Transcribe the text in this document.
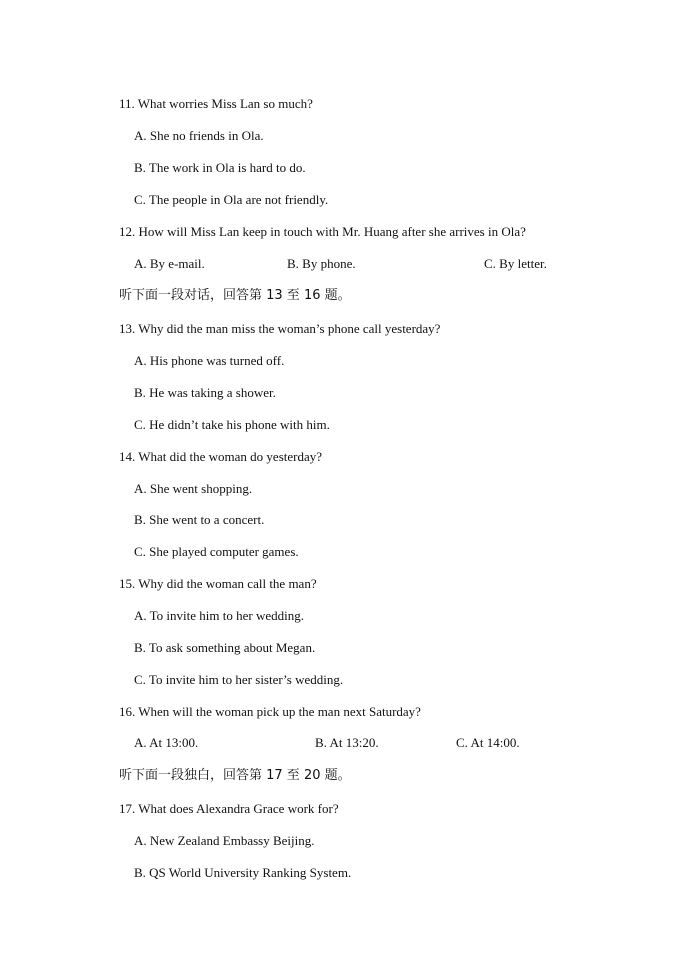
11. What worries Miss Lan so much?
A. She no friends in Ola.
B. The work in Ola is hard to do.
C. The people in Ola are not friendly.
12. How will Miss Lan keep in touch with Mr. Huang after she arrives in Ola?
A. By e-mail.	B. By phone.	C. By letter.
听下面一段对话，回答第 13 至 16 题。
13. Why did the man miss the woman’s phone call yesterday?
A. His phone was turned off.
B. He was taking a shower.
C. He didn’t take his phone with him.
14. What did the woman do yesterday?
A. She went shopping.
B. She went to a concert.
C. She played computer games.
15. Why did the woman call the man?
A. To invite him to her wedding.
B. To ask something about Megan.
C. To invite him to her sister’s wedding.
16. When will the woman pick up the man next Saturday?
A. At 13:00.	B. At 13:20.	C. At 14:00.
听下面一段独白，回答第 17 至 20 题。
17. What does Alexandra Grace work for?
A. New Zealand Embassy Beijing.
B. QS World University Ranking System.
